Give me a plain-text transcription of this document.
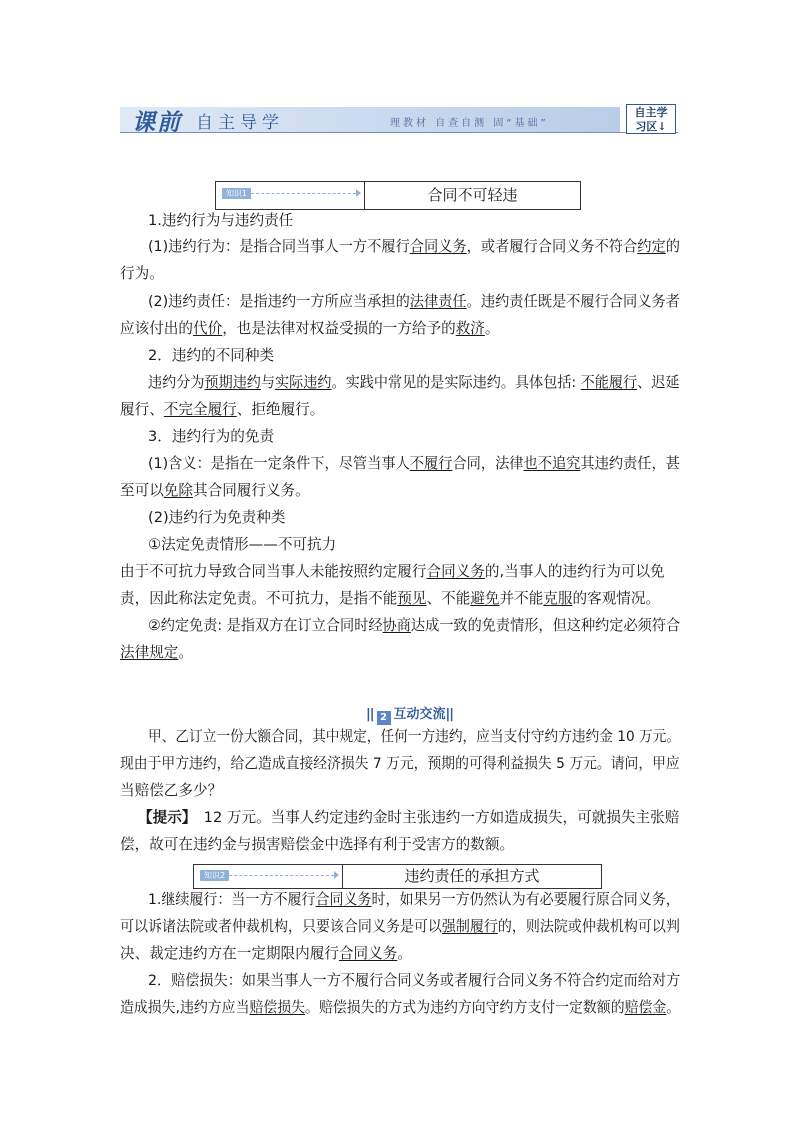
课前 自主导学	理教材 自查自测 固“基础”
自主学
习区↓
知识1	合同不可轻违
1.违约行为与违约责任
(1)违约行为：是指合同当事人一方不履行合同义务，或者履行合同义务不符合约定的
行为。
(2)违约责任：是指违约一方所应当承担的法律责任。违约责任既是不履行合同义务者
应该付出的代价，也是法律对权益受损的一方给予的救济。
2．违约的不同种类
违约分为预期违约与实际违约。实践中常见的是实际违约。具体包括: 不能履行、迟延
履行、不完全履行、拒绝履行。
3．违约行为的免责
(1)含义：是指在一定条件下，尽管当事人不履行合同，法律也不追究其违约责任，甚
至可以免除其合同履行义务。
(2)违约行为免责种类
①法定免责情形——不可抗力
由于不可抗力导致合同当事人未能按照约定履行合同义务的,当事人的违约行为可以免
责，因此称法定免责。不可抗力，是指不能预见、不能避免并不能克服的客观情况。
②约定免责: 是指双方在订立合同时经协商达成一致的免责情形，但这种约定必须符合
法律规定。
|| 2 互动交流||
甲、乙订立一份大额合同，其中规定，任何一方违约，应当支付守约方违约金 10 万元。
现由于甲方违约，给乙造成直接经济损失 7 万元，预期的可得利益损失 5 万元。请问，甲应
当赔偿乙多少？
【提示】　12 万元。当事人约定违约金时主张违约一方如造成损失，可就损失主张赔
偿，故可在违约金与损害赔偿金中选择有利于受害方的数额。
知识2	违约责任的承担方式
1.继续履行：当一方不履行合同义务时，如果另一方仍然认为有必要履行原合同义务，
可以诉诸法院或者仲裁机构，只要该合同义务是可以强制履行的，则法院或仲裁机构可以判
决、裁定违约方在一定期限内履行合同义务。
2．赔偿损失：如果当事人一方不履行合同义务或者履行合同义务不符合约定而给对方
造成损失,违约方应当赔偿损失。赔偿损失的方式为违约方向守约方支付一定数额的赔偿金。
